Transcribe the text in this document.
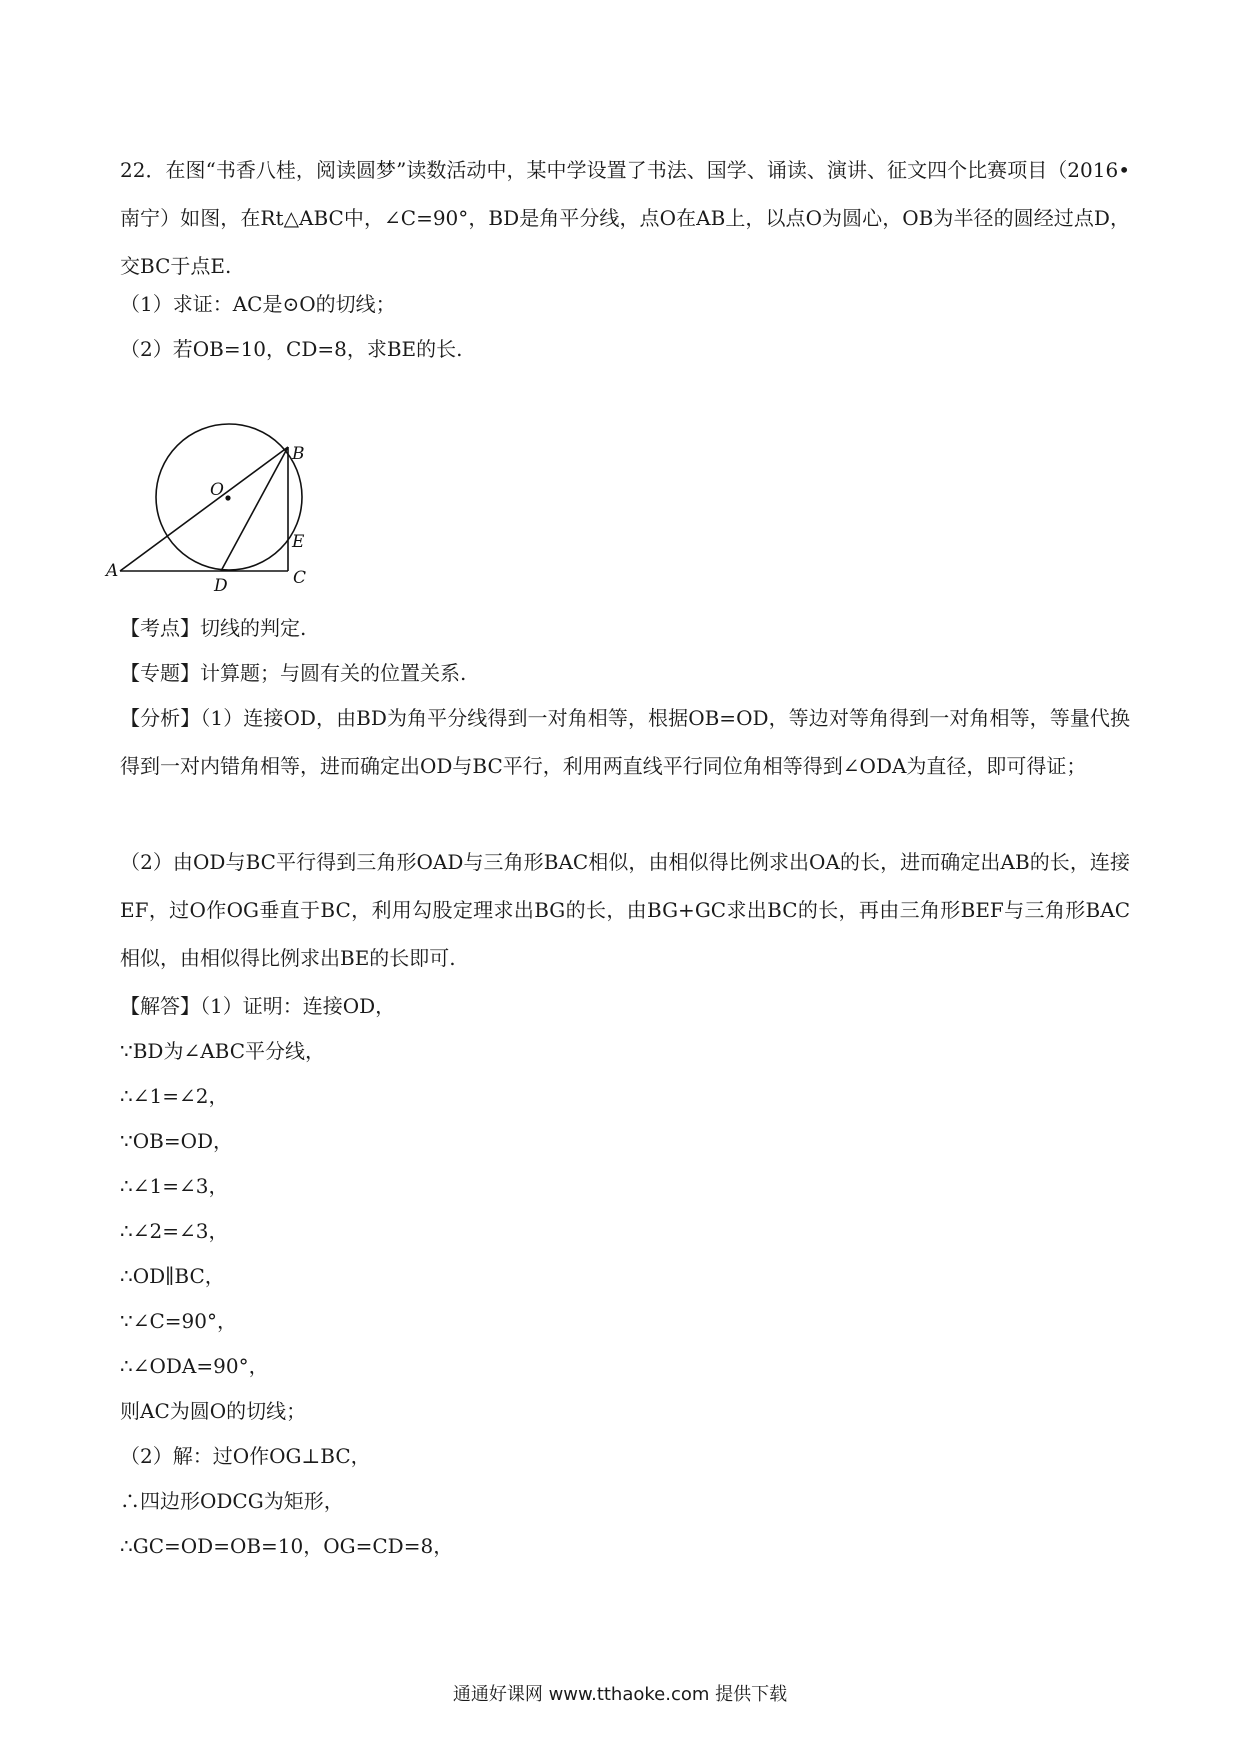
22．在图“书香八桂，阅读圆梦”读数活动中，某中学设置了书法、国学、诵读、演讲、征文四个比赛项目（2016•南宁）如图，在Rt△ABC中，∠C=90°，BD是角平分线，点O在AB上，以点O为圆心，OB为半径的圆经过点D，交BC于点E.

（1）求证：AC是⊙O的切线；

（2）若OB=10，CD=8，求BE的长.

O
B
E
A
D	C

【考点】切线的判定.

【专题】计算题；与圆有关的位置关系.

【分析】（1）连接OD，由BD为角平分线得到一对角相等，根据OB=OD，等边对等角得到一对角相等，等量代换得到一对内错角相等，进而确定出OD与BC平行，利用两直线平行同位角相等得到∠ODA为直径，即可得证；

（2）由OD与BC平行得到三角形OAD与三角形BAC相似，由相似得比例求出OA的长，进而确定出AB的长，连接EF，过O作OG垂直于BC，利用勾股定理求出BG的长，由BG+GC求出BC的长，再由三角形BEF与三角形BAC相似，由相似得比例求出BE的长即可.

【解答】（1）证明：连接OD，

∵BD为∠ABC平分线，

∴∠1=∠2，

∵OB=OD，

∴∠1=∠3，

∴∠2=∠3，

∴OD∥BC，

∵∠C=90°，

∴∠ODA=90°，

则AC为圆O的切线；

（2）解：过O作OG⊥BC，

∴四边形ODCG为矩形，

∴GC=OD=OB=10，OG=CD=8，

通通好课网 www.tthaoke.com 提供下载
